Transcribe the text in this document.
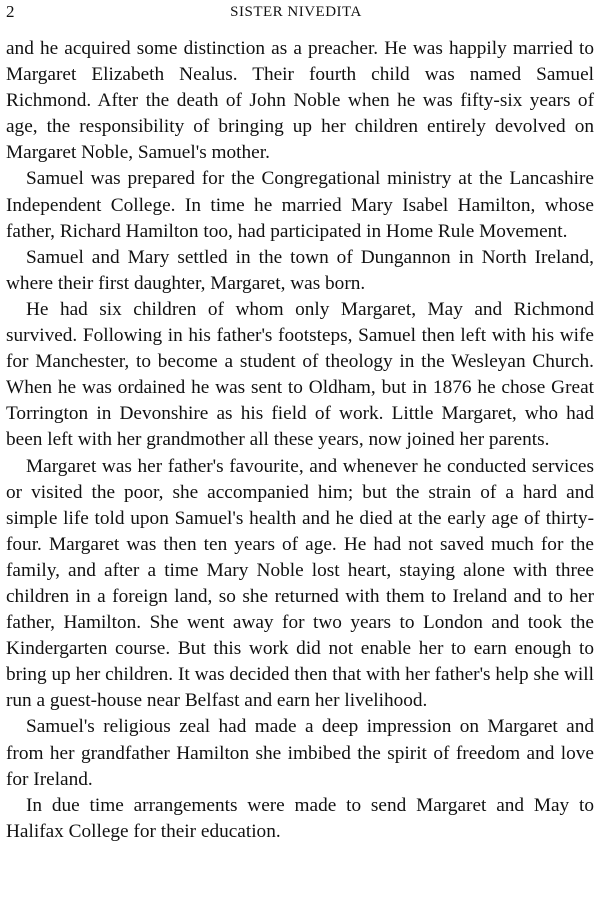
2	SISTER NIVEDITA

and he acquired some distinction as a preacher. He was happily married to Margaret Elizabeth Nealus. Their fourth child was named Samuel Richmond. After the death of John Noble when he was fifty-six years of age, the responsibility of bringing up her children entirely devolved on Margaret Noble, Samuel's mother.

Samuel was prepared for the Congregational ministry at the Lancashire Independent College. In time he married Mary Isabel Hamilton, whose father, Richard Hamilton too, had participated in Home Rule Movement.

Samuel and Mary settled in the town of Dungannon in North Ireland, where their first daughter, Margaret, was born.

He had six children of whom only Margaret, May and Richmond survived. Following in his father's footsteps, Samuel then left with his wife for Manchester, to become a student of theology in the Wesleyan Church. When he was ordained he was sent to Oldham, but in 1876 he chose Great Torrington in Devonshire as his field of work. Little Margaret, who had been left with her grandmother all these years, now joined her parents.

Margaret was her father's favourite, and whenever he conducted services or visited the poor, she accompanied him; but the strain of a hard and simple life told upon Samuel's health and he died at the early age of thirty-four. Margaret was then ten years of age. He had not saved much for the family, and after a time Mary Noble lost heart, staying alone with three children in a foreign land, so she returned with them to Ireland and to her father, Hamilton. She went away for two years to London and took the Kindergarten course. But this work did not enable her to earn enough to bring up her children. It was decided then that with her father's help she will run a guest-house near Belfast and earn her livelihood.

Samuel's religious zeal had made a deep impression on Margaret and from her grandfather Hamilton she imbibed the spirit of freedom and love for Ireland.

In due time arrangements were made to send Margaret and May to Halifax College for their education.
